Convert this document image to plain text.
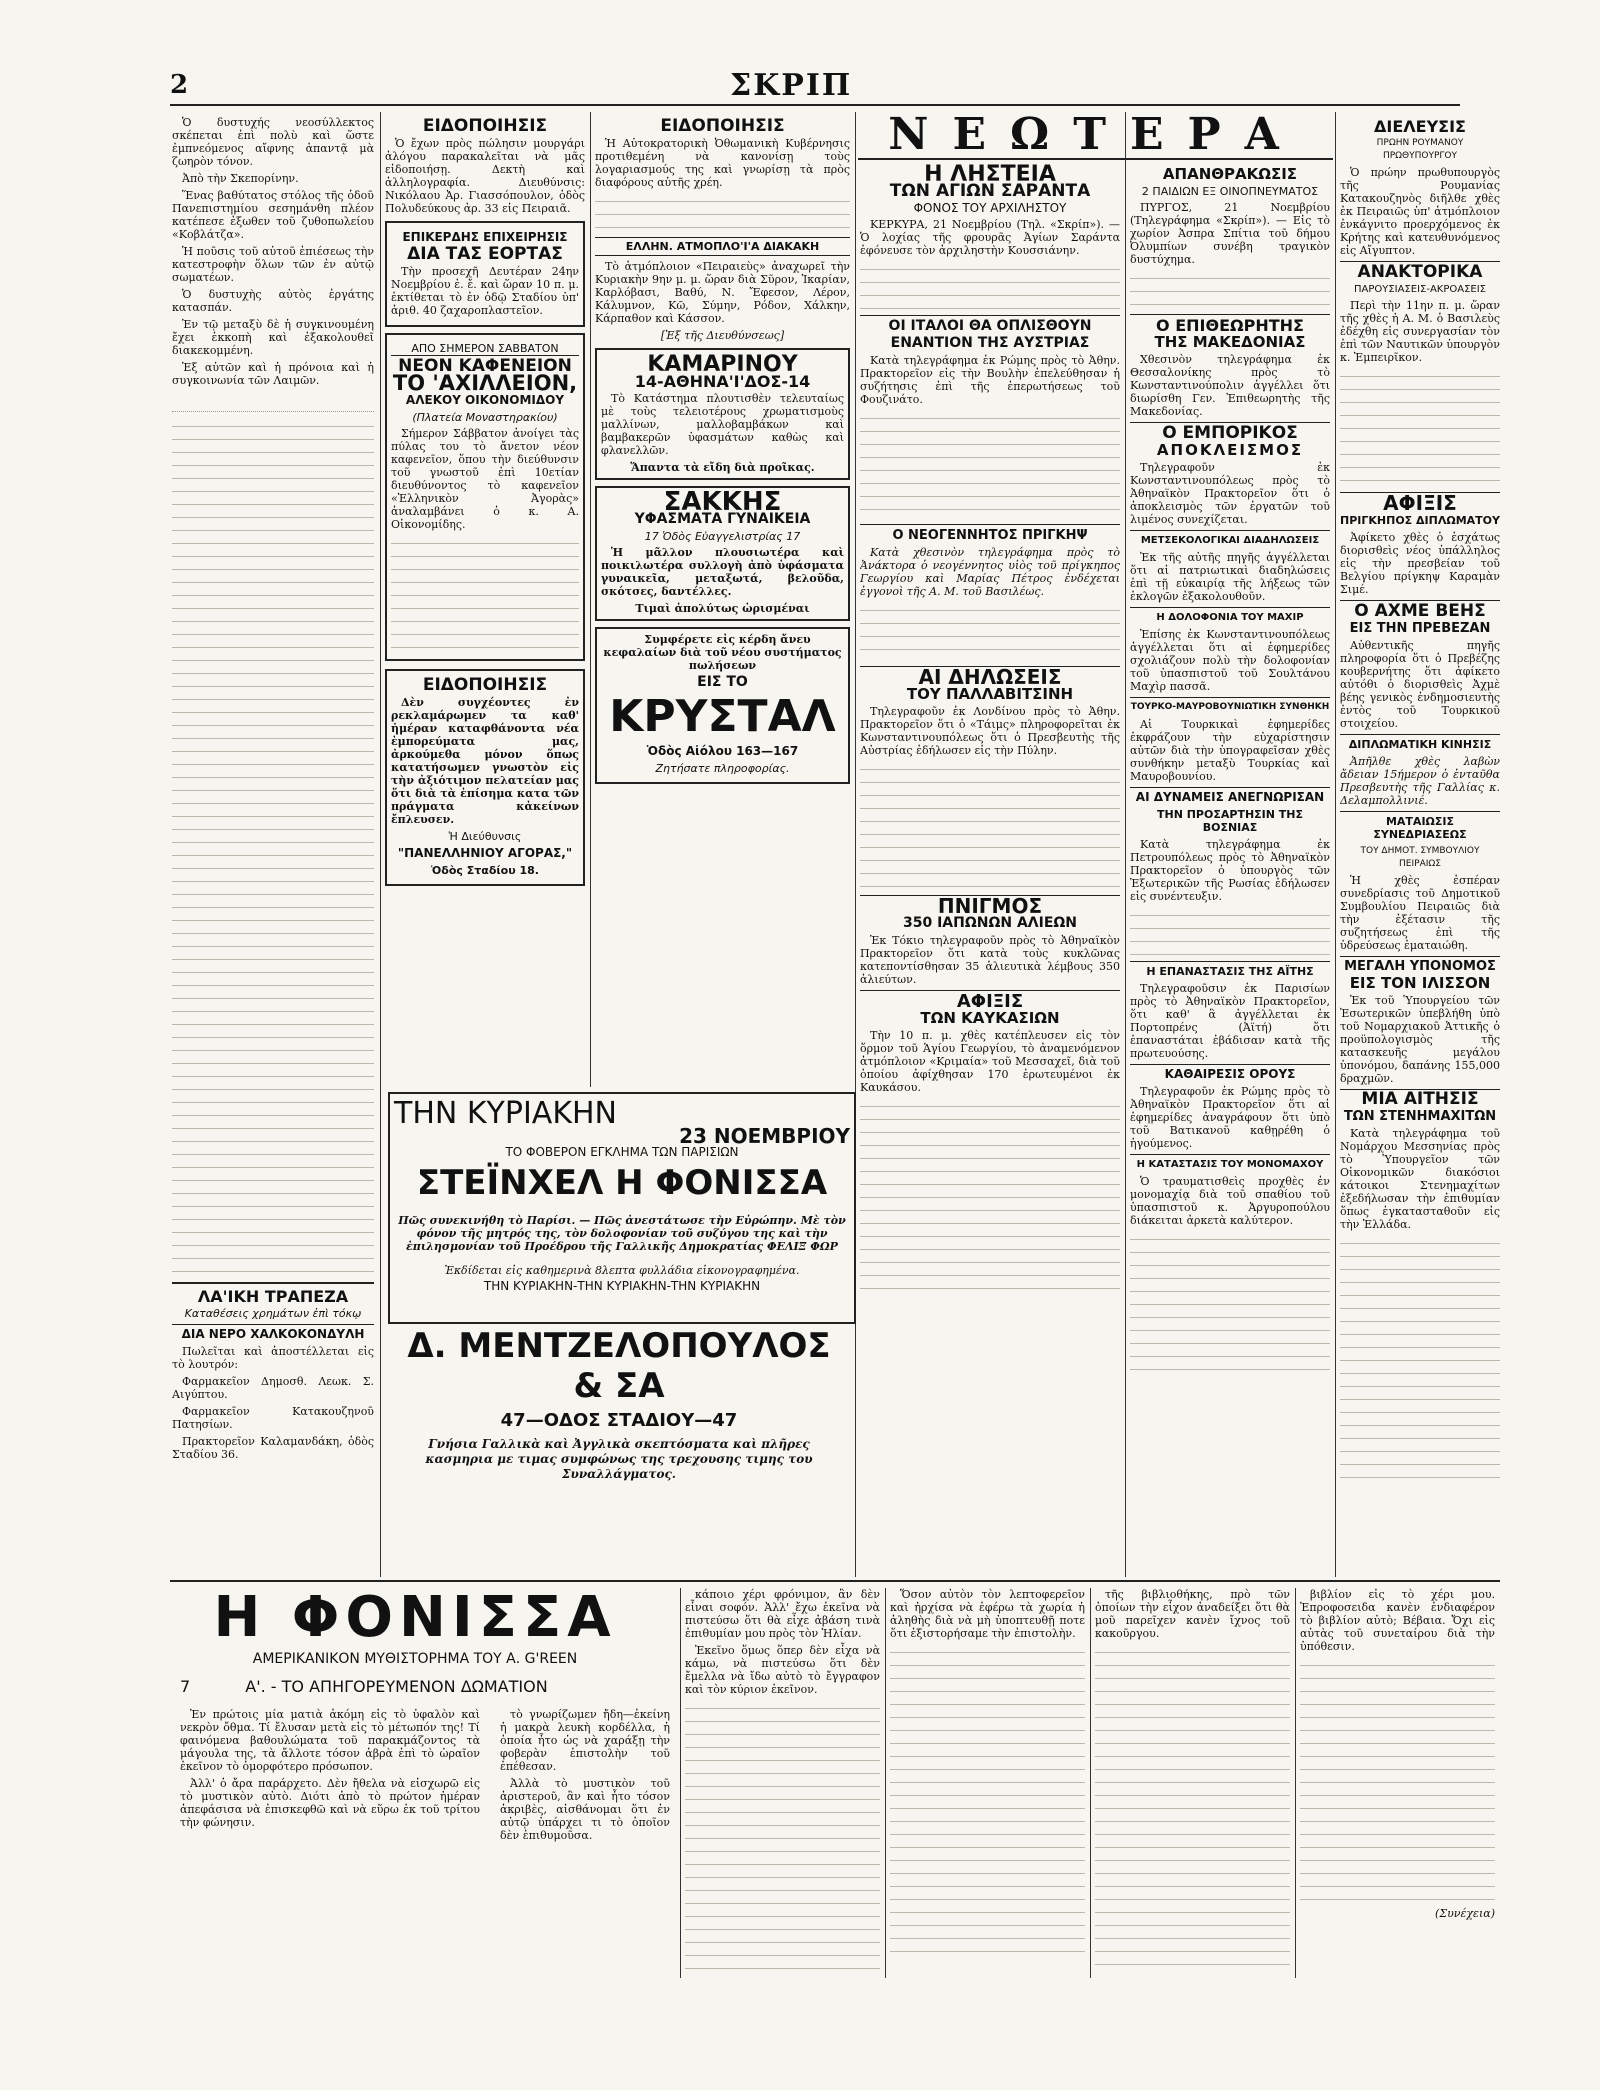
2	ΣΚΡΙΠ

Ὁ δυστυχής νεοσύλλεκτος σκέπεται ἐπὶ πολὺ καὶ ὥστε ἐμπνεόμενος αἴφνης ἀπαντᾷ μὰ ζωηρὸν τόνον.

Ἀπὸ τὴν Σκεπορίνην.

Ἕνας βαθύτατος στόλος τῆς ὁδοῦ Πανεπιστημίου σεσημάνθη πλέον κατέπεσε ἐξωθεν τοῦ ζυθοπωλείου «Κοβλάτζα».

Ἡ ποῦσις τοῦ αὐτοῦ ἐπιέσεως τὴν κατεστροφὴν ὅλων τῶν ἐν αὐτῷ σωματέων.

Ὁ δυστυχὴς αὐτὸς ἐργάτης κατασπάν.

Ἐν τῷ μεταξὺ δὲ ἡ συγκινουμένη ἔχει ἐκκοπὴ καὶ ἐξακολουθεῖ διακεκομμένη.

Ἐξ αὐτῶν καὶ ἡ πρόνοια καὶ ἡ συγκοινωνία τῶν Λαιμῶν.

ΛΑ'ΙΚΗ ΤΡΑΠΕΖΑ
Καταθέσεις χρημάτων ἐπὶ τόκῳ
ΔΙΑ ΝΕΡΟ ΧΑΛΚΟΚΟΝΔΥΛΗ

Πωλεῖται καὶ ἀποστέλλεται εἰς τὸ λουτρόν:

Φαρμακεῖον Δημοσθ. Λεωκ. Σ. Αιγύπτου.

Φαρμακεῖον Κατακουζηνοῦ Πατησίων.

Πρακτορεῖον Καλαμανδάκη, ὁδὸς Σταδίου 36.

ΕΙΔΟΠΟΙΗΣΙΣ

Ὁ ἔχων πρὸς πώλησιν μουργάρι ἀλόγου παρακαλεῖται νὰ μᾶς εἰδοποιήσῃ. Δεκτὴ καὶ ἀλληλογραφία. Διευθύνσις: Νικόλαου Ἀρ. Γιασσόπουλον, ὁδὸς Πολυδεύκους ἀρ. 33 εἰς Πειραιᾶ.

ΕΠΙΚΕΡΔΗΣ ΕΠΙΧΕΙΡΗΣΙΣ
ΔΙΑ ΤΑΣ ΕΟΡΤΑΣ

Τὴν προσεχῆ Δευτέραν 24ην Νοεμβρίου ἐ. ἔ. καὶ ὥραν 10 π. μ. ἐκτίθεται τὸ ἐν ὁδῷ Σταδίου ὑπ' ἀριθ. 40 ζαχαροπλαστεῖον.

ΑΠΟ ΣΗΜΕΡΟΝ ΣΑΒΒΑΤΟΝ
ΝΕΟΝ ΚΑΦΕΝΕΙΟΝ
ΤΟ 'ΑΧΙΛΛΕΙΟΝ,
ΑΛΕΚΟΥ ΟΙΚΟΝΟΜΙΔΟΥ
(Πλατεία Μοναστηρακίου)

Σήμερον Σάββατον ἀνοίγει τὰς πύλας του τὸ ἄνετον νέον καφενεῖον, ὅπου τὴν διεύθυνσιν τοῦ γνωστοῦ ἐπὶ 10ετίαν διευθύνοντος τὸ καφενεῖον «Ἑλληνικὸν Ἀγορὰς» ἀναλαμβάνει ὁ κ. Α. Οἰκονομίδης.

ΕΙΔΟΠΟΙΗΣΙΣ

Δὲν συγχέοντες ἐν ρεκλαμάρωμεν τα καθ' ἡμέραν καταφθάνοντα νέα ἐμπορεύματα μας, ἀρκούμεθα μόνον ὅπως κατατήσωμεν γνωστὸν εἰς τὴν ἀξιότιμον πελατείαν μας ὅτι διὰ τὰ ἐπίσημα κατα τῶν πράγματα κἀκείνων ἔπλευσεν.

Ἡ Διεύθυνσις
"ΠΑΝΕΛΛΗΝΙΟΥ ΑΓΟΡΑΣ,"
Ὁδὸς Σταδίου 18.
ΕΙΔΟΠΟΙΗΣΙΣ

Ἡ Αὐτοκρατορικὴ Ὀθωμανικὴ Κυβέρνησις προτιθεμένη νὰ κανονίσῃ τοὺς λογαριασμούς της καὶ γνωρίσῃ τὰ πρὸς διαφόρους αὐτῆς χρέη.

ΕΛΛΗΝ. ΑΤΜΟΠΛΟ'Ι'Α ΔΙΑΚΑΚΗ

Τὸ ἀτμόπλοιον «Πειραιεὺς» ἀναχωρεῖ τὴν Κυριακὴν 9ην μ. μ. ὥραν διὰ Σῦρον, Ἰκαρίαν, Καρλόβασι, Βαθύ, Ν. Ἔφεσον, Λέρον, Κάλυμνον, Κῶ, Σύμην, Ρόδον, Χάλκην, Κάρπαθον καὶ Κάσσον.

[Ἐξ τῆς Διευθύνσεως]
ΚΑΜΑΡΙΝΟΥ
14-ΑΘΗΝΑ'Ι'ΔΟΣ-14

Τὸ Κατάστημα πλουτισθὲν τελευταίως μὲ τοὺς τελειοτέρους χρωματισμοὺς μαλλίνων, μαλλοβαμβάκων καὶ βαμβακερῶν ὑφασμάτων καθὼς καὶ φλανελλῶν.

Ἅπαντα τὰ εἴδη διὰ προῖκας.
ΣΑΚΚΗΣ
ΥΦΑΣΜΑΤΑ ΓΥΝΑΙΚΕΙΑ
17 Ὁδὸς Εὐαγγελιστρίας 17

Ἡ μᾶλλον πλουσιωτέρα καὶ ποικιλωτέρα συλλογὴ ἀπὸ ὑφάσματα γυναικεῖα, μεταξωτά, βελοῦδα, σκότσες, δαντέλλες.

Τιμαὶ ἀπολύτως ὡρισμέναι

Συμφέρετε εἰς κέρδη ἄνευ κεφαλαίων διὰ τοῦ νέου συστήματος πωλήσεων

ΕΙΣ ΤΟ
ΚΡΥΣΤΑΛ
Ὁδὸς Αἰόλου 163—167
Ζητήσατε πληροφορίας.
ΤΗΝ ΚΥΡΙΑΚΗΝ
23 ΝΟΕΜΒΡΙΟΥ
ΤΟ ΦΟΒΕΡΟΝ ΕΓΚΛΗΜΑ ΤΩΝ ΠΑΡΙΣΙΩΝ
ΣΤΕΪΝΧΕΛ Η ΦΟΝΙΣΣΑ

Πῶς συνεκινήθη τὸ Παρίσι. — Πῶς ἀνεστάτωσε τὴν Εὐρώπην. Μὲ τὸν φόνον τῆς μητρός της, τὸν δολοφονίαν τοῦ συζύγου της καὶ τὴν ἐπιλησμονίαν τοῦ Προέδρου τῆς Γαλλικῆς Δημοκρατίας ΦΕΛΙΞ ΦΩΡ

Ἐκδίδεται εἰς καθημερινὰ 8λεπτα φυλλάδια εἰκονογραφημένα.
ΤΗΝ ΚΥΡΙΑΚΗΝ-ΤΗΝ ΚΥΡΙΑΚΗΝ-ΤΗΝ ΚΥΡΙΑΚΗΝ
Δ. ΜΕΝΤΖΕΛΟΠΟΥΛΟΣ & ΣΑ
47—ΟΔΟΣ ΣΤΑΔΙΟΥ—47

Γνήσια Γαλλικὰ καὶ Ἀγγλικὰ σκεπτόσματα καὶ πλῆρες κασμηρια με τιμας συμφώνως της τρεχουσης τιμης του Συναλλάγματος.

ΝΕΩΤΕΡΑ
Η ΛΗΣΤΕΙΑ
ΤΩΝ ΑΓΙΩΝ ΣΑΡΑΝΤΑ
ΦΟΝΟΣ ΤΟΥ ΑΡΧΙΛΗΣΤΟΥ

ΚΕΡΚΥΡΑ, 21 Νοεμβρίου (Τηλ. «Σκρίπ»). — Ὁ λοχίας τῆς φρουρᾶς Ἀγίων Σαράντα ἐφόνευσε τὸν ἀρχιληστὴν Κουσσιάνην.

ΟΙ ΙΤΑΛΟΙ ΘΑ ΟΠΛΙΣΘΟΥΝ
ΕΝΑΝΤΙΟΝ ΤΗΣ ΑΥΣΤΡΙΑΣ

Κατὰ τηλεγράφημα ἐκ Ρώμης πρὸς τὸ Ἀθην. Πρακτορεῖον εἰς τὴν Βουλὴν ἐπελεύθησαν ἡ συζήτησις ἐπὶ τῆς ἐπερωτήσεως τοῦ Φουζινάτο.

Ο ΝΕΟΓΕΝΝΗΤΟΣ ΠΡΙΓΚΗΨ

Κατὰ χθεσινὸν τηλεγράφημα πρὸς τὸ Ἀνάκτορα ὁ νεογέννητος υἱὸς τοῦ πρίγκηπος Γεωργίου καὶ Μαρίας Πέτρος ἐνδέχεται ἐγγονοὶ τῆς Α. Μ. τοῦ Βασιλέως.

ΑΙ ΔΗΛΩΣΕΙΣ
ΤΟΥ ΠΑΛΛΑΒΙΤΣΙΝΗ

Τηλεγραφοῦν ἐκ Λονδίνου πρὸς τὸ Ἀθην. Πρακτορεῖον ὅτι ὁ «Τάιμς» πληροφορεῖται ἐκ Κωνσταντινουπόλεως ὅτι ὁ Πρεσβευτὴς τῆς Αὐστρίας ἐδήλωσεν εἰς τὴν Πύλην.

ΠΝΙΓΜΟΣ
350 ΙΑΠΩΝΩΝ ΑΛΙΕΩΝ

Ἐκ Τόκιο τηλεγραφοῦν πρὸς τὸ Ἀθηναϊκὸν Πρακτορεῖον ὅτι κατὰ τοὺς κυκλῶνας κατεποντίσθησαν 35 ἁλιευτικὰ λέμβους 350 ἁλιεύτων.

ΑΦΙΞΙΣ
ΤΩΝ ΚΑΥΚΑΣΙΩΝ

Τὴν 10 π. μ. χθὲς κατέπλευσεν εἰς τὸν ὅρμον τοῦ Ἁγίου Γεωργίου, τὸ ἀναμενόμενον ἀτμόπλοιον «Κριμαία» τοῦ Μεσσαχεῖ, διὰ τοῦ ὁποίου ἀφίχθησαν 170 ἐρωτευμένοι ἐκ Καυκάσου.

ΑΠΑΝΘΡΑΚΩΣΙΣ
2 ΠΑΙΔΙΩΝ ΕΞ ΟΙΝΟΠΝΕΥΜΑΤΟΣ

ΠΥΡΓΟΣ, 21 Νοεμβρίου (Τηλεγράφημα «Σκρίπ»). — Εἰς τὸ χωρίον Ἀσπρα Σπίτια τοῦ δήμου Ὀλυμπίων συνέβη τραγικὸν δυστύχημα.

Ο ΕΠΙΘΕΩΡΗΤΗΣ
ΤΗΣ ΜΑΚΕΔΟΝΙΑΣ

Χθεσινὸν τηλεγράφημα ἐκ Θεσσαλονίκης πρὸς τὸ Κωνσταντινούπολιν ἀγγέλλει ὅτι διωρίσθη Γεν. Ἐπιθεωρητὴς τῆς Μακεδονίας.

Ο ΕΜΠΟΡΙΚΟΣ
ΑΠΟΚΛΕΙΣΜΟΣ

Τηλεγραφοῦν ἐκ Κωνσταντινουπόλεως πρὸς τὸ Ἀθηναϊκὸν Πρακτορεῖον ὅτι ὁ ἀποκλεισμὸς τῶν ἐργατῶν τοῦ λιμένος συνεχίζεται.

ΜΕΤΣΕΚΟΛΟΓΙΚΑΙ ΔΙΑΔΗΛΩΣΕΙΣ

Ἐκ τῆς αὐτῆς πηγῆς ἀγγέλλεται ὅτι αἱ πατριωτικαὶ διαδηλώσεις ἐπὶ τῇ εὐκαιρίᾳ τῆς λήξεως τῶν ἐκλογῶν ἐξακολουθοῦν.

Η ΔΟΛΟΦΟΝΙΑ ΤΟΥ ΜΑΧΙΡ

Ἐπίσης ἐκ Κωνσταντινουπόλεως ἀγγέλλεται ὅτι αἱ ἐφημερίδες σχολιάζουν πολὺ τὴν δολοφονίαν τοῦ ὑπασπιστοῦ τοῦ Σουλτάνου Μαχὶρ πασσᾶ.

ΤΟΥΡΚΟ-ΜΑΥΡΟΒΟΥΝΙΩΤΙΚΗ ΣΥΝΘΗΚΗ

Αἱ Τουρκικαὶ ἐφημερίδες ἐκφράζουν τὴν εὐχαρίστησιν αὐτῶν διὰ τὴν ὑπογραφεῖσαν χθὲς συνθήκην μεταξὺ Τουρκίας καὶ Μαυροβουνίου.

ΑΙ ΔΥΝΑΜΕΙΣ ΑΝΕΓΝΩΡΙΣΑΝ
ΤΗΝ ΠΡΟΣΑΡΤΗΣΙΝ ΤΗΣ ΒΟΣΝΙΑΣ

Κατὰ τηλεγράφημα ἐκ Πετρουπόλεως πρὸς τὸ Ἀθηναϊκὸν Πρακτορεῖον ὁ ὑπουργὸς τῶν Ἐξωτερικῶν τῆς Ρωσίας ἐδήλωσεν εἰς συνέντευξιν.

Η ΕΠΑΝΑΣΤΑΣΙΣ ΤΗΣ ΑΪΤΗΣ

Τηλεγραφοῦσιν ἐκ Παρισίων πρὸς τὸ Ἀθηναϊκὸν Πρακτορεῖον, ὅτι καθ' ἃ ἀγγέλλεται ἐκ Πορτοπρένς (Ἀϊτή) ὅτι ἐπαναστάται ἐβάδισαν κατὰ τῆς πρωτευούσης.

ΚΑΘΑΙΡΕΣΙΣ ΟΡΟΥΣ

Τηλεγραφοῦν ἐκ Ρώμης πρὸς τὸ Ἀθηναϊκὸν Πρακτορεῖον ὅτι αἱ ἐφημερίδες ἀναγράφουν ὅτι ὑπὸ τοῦ Βατικανοῦ καθῃρέθη ὁ ἡγούμενος.

Η ΚΑΤΑΣΤΑΣΙΣ ΤΟΥ ΜΟΝΟΜΑΧΟΥ

Ὁ τραυματισθεὶς προχθὲς ἐν μονομαχίᾳ διὰ τοῦ σπαθίου τοῦ ὑπασπιστοῦ κ. Ἀργυροπούλου διάκειται ἀρκετὰ καλύτερον.

ΔΙΕΛΕΥΣΙΣ
ΠΡΩΗΝ ΡΟΥΜΑΝΟΥ ΠΡΩΘΥΠΟΥΡΓΟΥ

Ὁ πρώην πρωθυπουργὸς τῆς Ρουμανίας Κατακουζηνὸς διῆλθε χθὲς ἐκ Πειραιῶς ὑπ' ἀτμόπλοιον ἐνκάγνιτο προερχόμενος ἐκ Κρήτης καὶ κατευθυνόμενος εἰς Αἴγυπτον.

ΑΝΑΚΤΟΡΙΚΑ
ΠΑΡΟΥΣΙΑΣΕΙΣ-ΑΚΡΟΑΣΕΙΣ

Περὶ τὴν 11ην π. μ. ὥραν τῆς χθὲς ἡ Α. Μ. ὁ Βασιλεὺς ἐδέχθη εἰς συνεργασίαν τὸν ἐπὶ τῶν Ναυτικῶν ὑπουργὸν κ. Ἐμπειρῖκον.

ΑΦΙΞΙΣ
ΠΡΙΓΚΗΠΟΣ ΔΙΠΛΩΜΑΤΟΥ

Ἀφίκετο χθὲς ὁ ἐσχάτως διορισθεὶς νέος ὑπάλληλος εἰς τὴν πρεσβείαν τοῦ Βελγίου πρίγκηψ Καραμὰν Σιμέ.

Ο ΑΧΜΕ ΒΕΗΣ
ΕΙΣ ΤΗΝ ΠΡΕΒΕΖΑΝ

Αὐθεντικῆς πηγῆς πληροφορία ὅτι ὁ Πρεβέζης κουβερνήτης ὅτι ἀφίκετο αὐτόθι ὁ διορισθεὶς Ἀχμὲ βέης γενικὸς ἐνδημοσιευτὴς ἐντὸς τοῦ Τουρκικοῦ στοιχείου.

ΔΙΠΛΩΜΑΤΙΚΗ ΚΙΝΗΣΙΣ

Ἀπῆλθε χθὲς λαβὼν ἄδειαν 15ήμερον ὁ ἐνταῦθα Πρεσβευτὴς τῆς Γαλλίας κ. Δελαμπολλινιέ.

ΜΑΤΑΙΩΣΙΣ ΣΥΝΕΔΡΙΑΣΕΩΣ
ΤΟΥ ΔΗΜΟΤ. ΣΥΜΒΟΥΛΙΟΥ ΠΕΙΡΑΙΩΣ

Ἡ χθὲς ἐσπέραν συνεδρίασις τοῦ Δημοτικοῦ Συμβουλίου Πειραιῶς διὰ τὴν ἐξέτασιν τῆς συζητήσεως ἐπὶ τῆς ὑδρεύσεως ἐματαιώθη.

ΜΕΓΑΛΗ ΥΠΟΝΟΜΟΣ
ΕΙΣ ΤΟΝ ΙΛΙΣΣΟΝ

Ἐκ τοῦ Ὑπουργείου τῶν Ἐσωτερικῶν ὑπεβλήθη ὑπὸ τοῦ Νομαρχιακοῦ Ἀττικῆς ὁ προϋπολογισμὸς τῆς κατασκευῆς μεγάλου ὑπονόμου, δαπάνης 155,000 δραχμῶν.

ΜΙΑ ΑΙΤΗΣΙΣ
ΤΩΝ ΣΤΕΝΗΜΑΧΙΤΩΝ

Κατὰ τηλεγράφημα τοῦ Νομάρχου Μεσσηνίας πρὸς τὸ Ὑπουργεῖον τῶν Οἰκονομικῶν διακόσιοι κάτοικοι Στενημαχίτων ἐξεδήλωσαν τὴν ἐπιθυμίαν ὅπως ἐγκατασταθοῦν εἰς τὴν Ἑλλάδα.

Η ΦΟΝΙΣΣΑ
ΑΜΕΡΙΚΑΝΙΚΟΝ ΜΥΘΙΣΤΟΡΗΜΑ ΤΟΥ Α. G'REEN
7	Α'. - ΤΟ ΑΠΗΓΟΡΕΥΜΕΝΟΝ ΔΩΜΑΤΙΟΝ

Ἐν πρώτοις μία ματιὰ ἀκόμη εἰς τὸ ὑφαλὸν καὶ νεκρὸν ὄθμα. Τί ἔλυσαν μετὰ εἰς τὸ μέτωπόν της! Τί φαινόμενα βαθουλώματα τοῦ παρακμάζοντος τὰ μάγουλα της, τὰ ἄλλοτε τόσον ἀβρὰ ἐπὶ τὸ ὡραῖον ἐκεῖνον τὸ ὁμορφότερο πρόσωπον.

Ἀλλ' ὁ ἄρα παράρχετο. Δὲν ἤθελα νὰ εἰσχωρῶ εἰς τὸ μυστικὸν αὐτὸ. Διότι ἀπὸ τὸ πρώτον ἡμέραν ἀπεφάσισα νὰ ἐπισκεφθῶ καὶ νὰ εὕρω ἐκ τοῦ τρίτου τὴν φώνησιν.

τὸ γνωρίζωμεν ἤδη—ἐκείνη ἡ μακρὰ λευκὴ κορδέλλα, ἡ ὁποία ἦτο ὡς νὰ χαράξῃ τὴν φοβερὰν ἐπιστολὴν τοῦ ἐπέθεσαν.

Ἀλλὰ τὸ μυστικὸν τοῦ ἀριστεροῦ, ἂν καὶ ἦτο τόσον ἀκριβὲς, αἰσθάνομαι ὅτι ἐν αὐτῷ ὑπάρχει τι τὸ ὁποῖον δὲν ἐπιθυμοῦσα.

κάποιο χέρι φρόνιμον, ἂν δὲν εἶναι σοφόν. Ἀλλ' ἔχω ἐκεῖνα νὰ πιστεύσω ὅτι θὰ εἶχε ἀβάση τινὰ ἐπιθυμίαν μου πρὸς τὸν Ἡλίαν.

Ἐκεῖνο ὅμως ὅπερ δὲν εἶχα νὰ κάμω, νὰ πιστεύσω ὅτι δὲν ἔμελλα νὰ ἴδω αὐτὸ τὸ ἔγγραφον καὶ τὸν κύριον ἐκεῖνον.

Ὅσον αὐτὸν τὸν λεπτοφερεῖον καὶ ἠρχίσα νὰ ἐφέρω τὰ χωρία ἡ ἀληθὴς διὰ νὰ μὴ ὑποπτευθῇ ποτε ὅτι ἐξιστορήσαμε τὴν ἐπιστολὴν.

τῆς βιβλιοθήκης, πρὸ τῶν ὁποίων τὴν εἶχον ἀναδείξει ὅτι θὰ μοῦ παρεῖχεν κανὲν ἴχνος τοῦ κακοῦργου.

βιβλίον εἰς τὸ χέρι μου. Ἐπροφοσειδα κανὲν ἐνδιαφέρον τὸ βιβλίον αὐτὸ; Βέβαια. Ὄχι εἰς αὐτὰς τοῦ συνεταίρου διὰ τὴν ὑπόθεσιν.

(Συνέχεια)
